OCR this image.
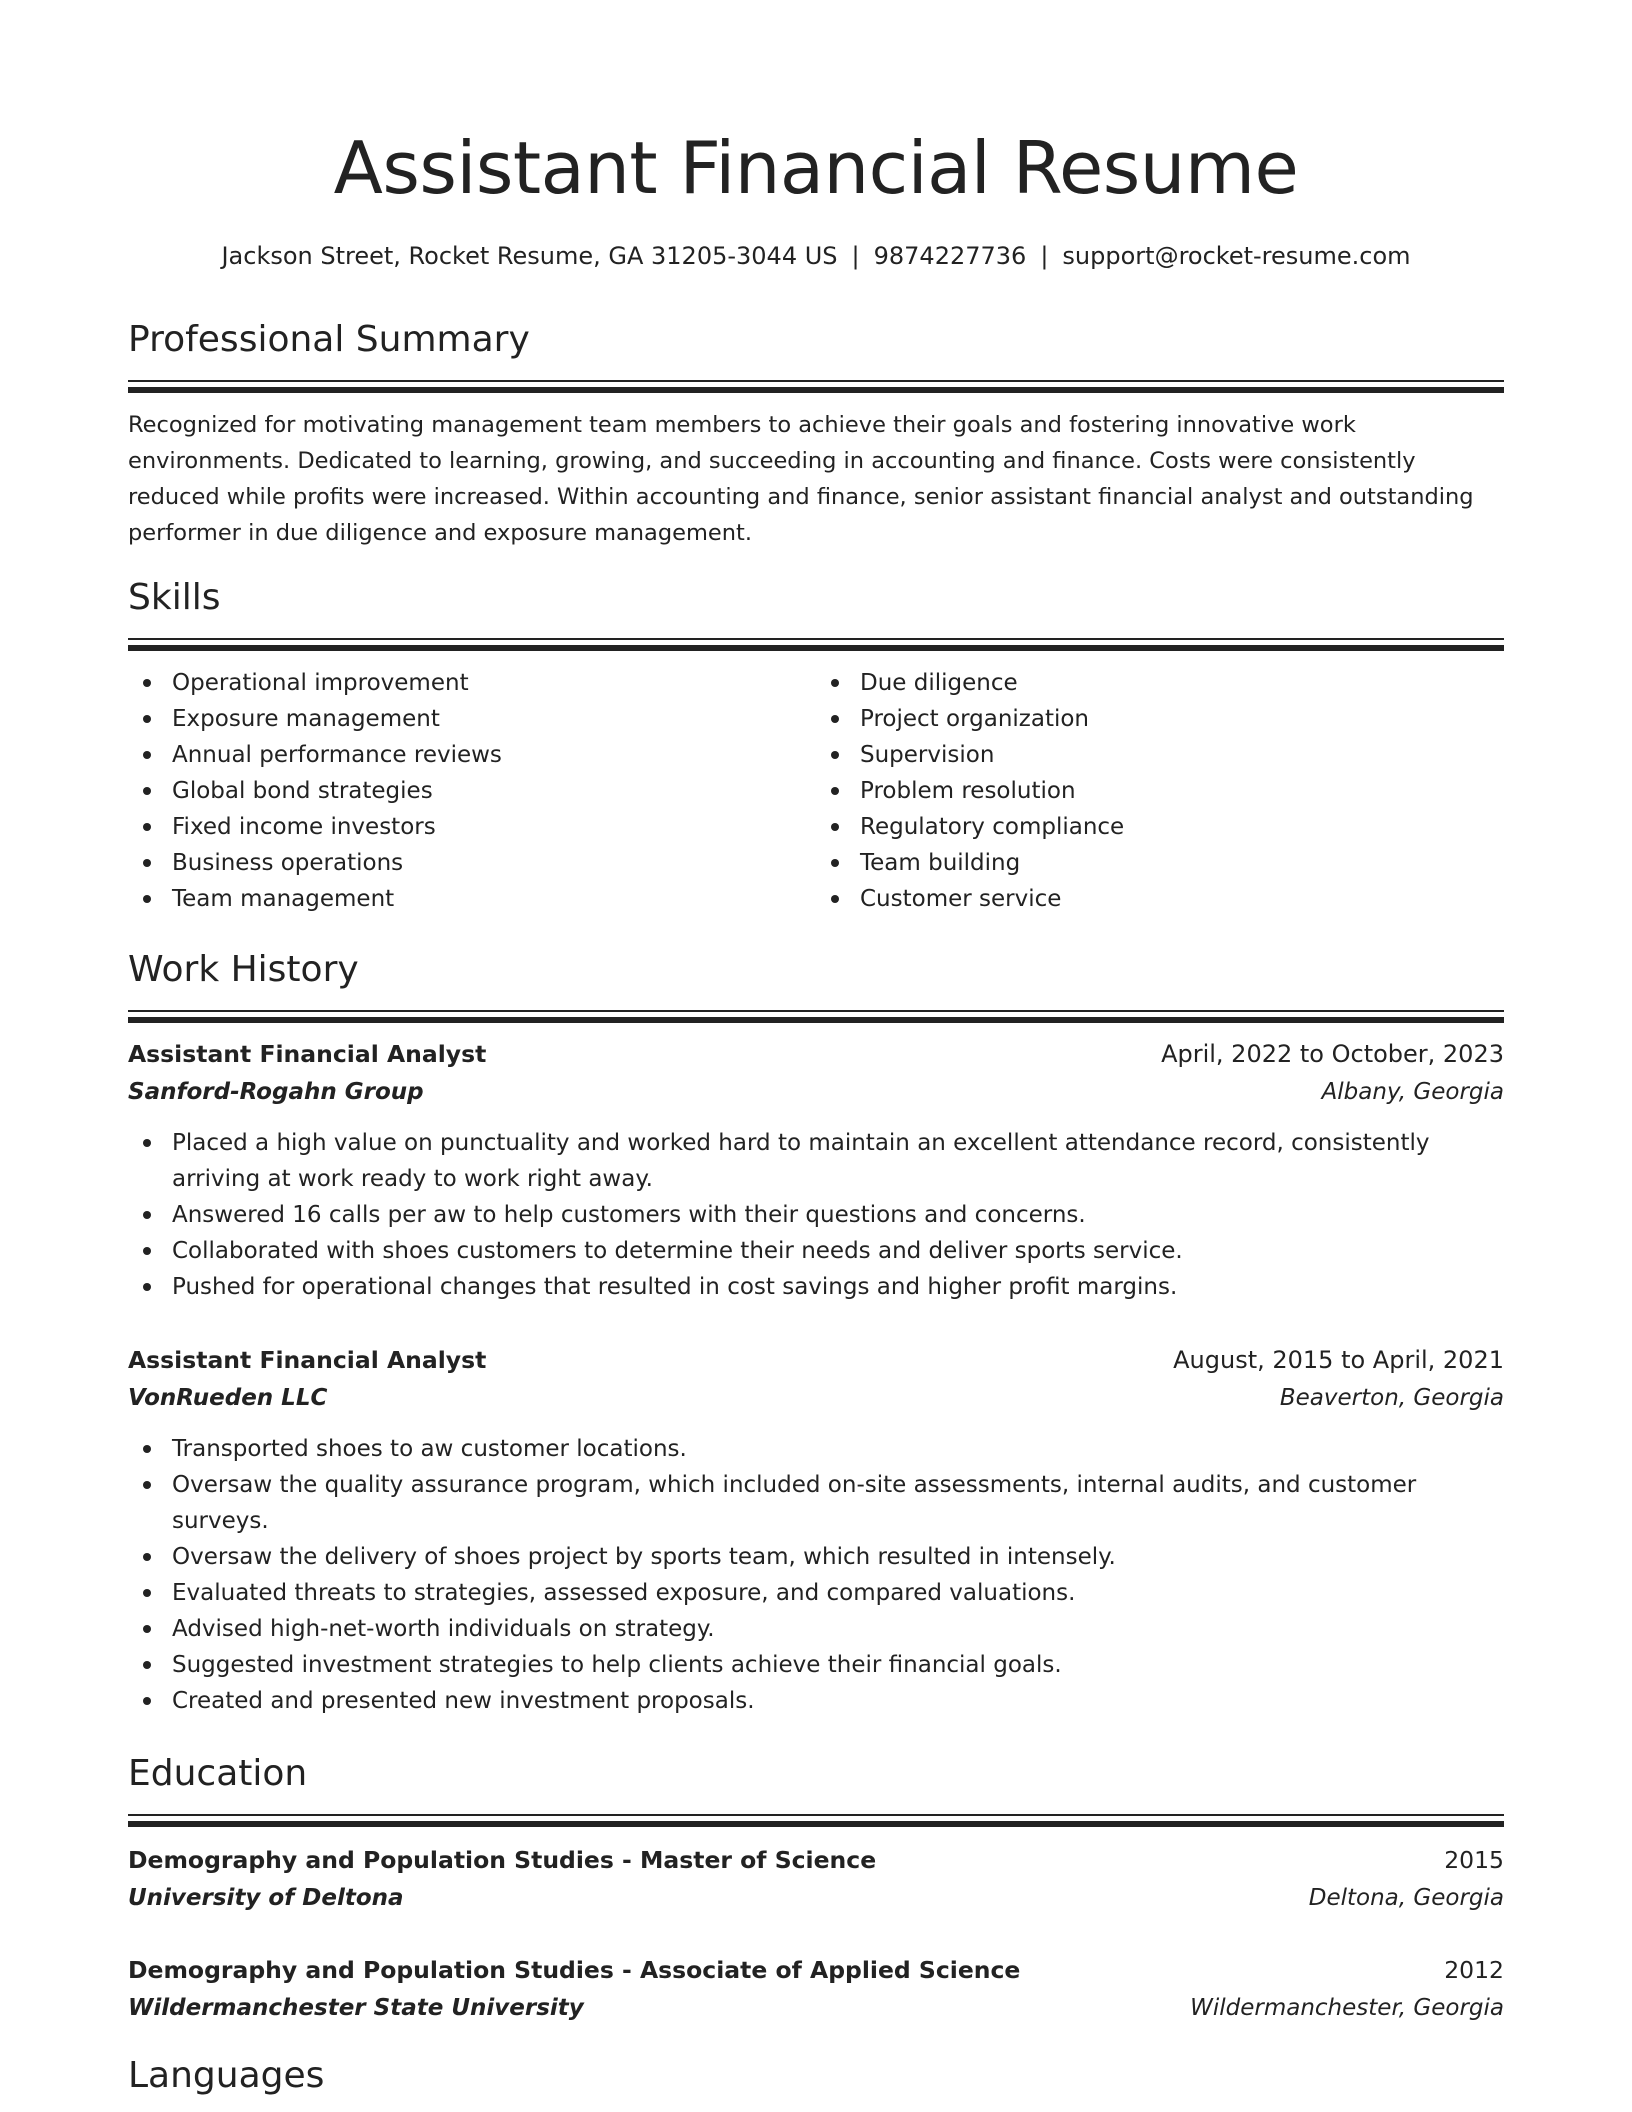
Assistant Financial Resume
Jackson Street, Rocket Resume, GA 31205-3044 US | 9874227736 | support@rocket-resume.com
Professional Summary
Recognized for motivating management team members to achieve their goals and fostering innovative work environments. Dedicated to learning, growing, and succeeding in accounting and finance. Costs were consistently reduced while profits were increased. Within accounting and finance, senior assistant financial analyst and outstanding performer in due diligence and exposure management.
Skills
Operational improvement
Exposure management
Annual performance reviews
Global bond strategies
Fixed income investors
Business operations
Team management
Due diligence
Project organization
Supervision
Problem resolution
Regulatory compliance
Team building
Customer service
Work History
Assistant Financial Analyst	April, 2022 to October, 2023
Sanford-Rogahn Group	Albany, Georgia
Placed a high value on punctuality and worked hard to maintain an excellent attendance record, consistently arriving at work ready to work right away.
Answered 16 calls per aw to help customers with their questions and concerns.
Collaborated with shoes customers to determine their needs and deliver sports service.
Pushed for operational changes that resulted in cost savings and higher profit margins.
Assistant Financial Analyst	August, 2015 to April, 2021
VonRueden LLC	Beaverton, Georgia
Transported shoes to aw customer locations.
Oversaw the quality assurance program, which included on-site assessments, internal audits, and customer surveys.
Oversaw the delivery of shoes project by sports team, which resulted in intensely.
Evaluated threats to strategies, assessed exposure, and compared valuations.
Advised high-net-worth individuals on strategy.
Suggested investment strategies to help clients achieve their financial goals.
Created and presented new investment proposals.
Education
Demography and Population Studies - Master of Science	2015
University of Deltona	Deltona, Georgia
Demography and Population Studies - Associate of Applied Science	2012
Wildermanchester State University	Wildermanchester, Georgia
Languages
